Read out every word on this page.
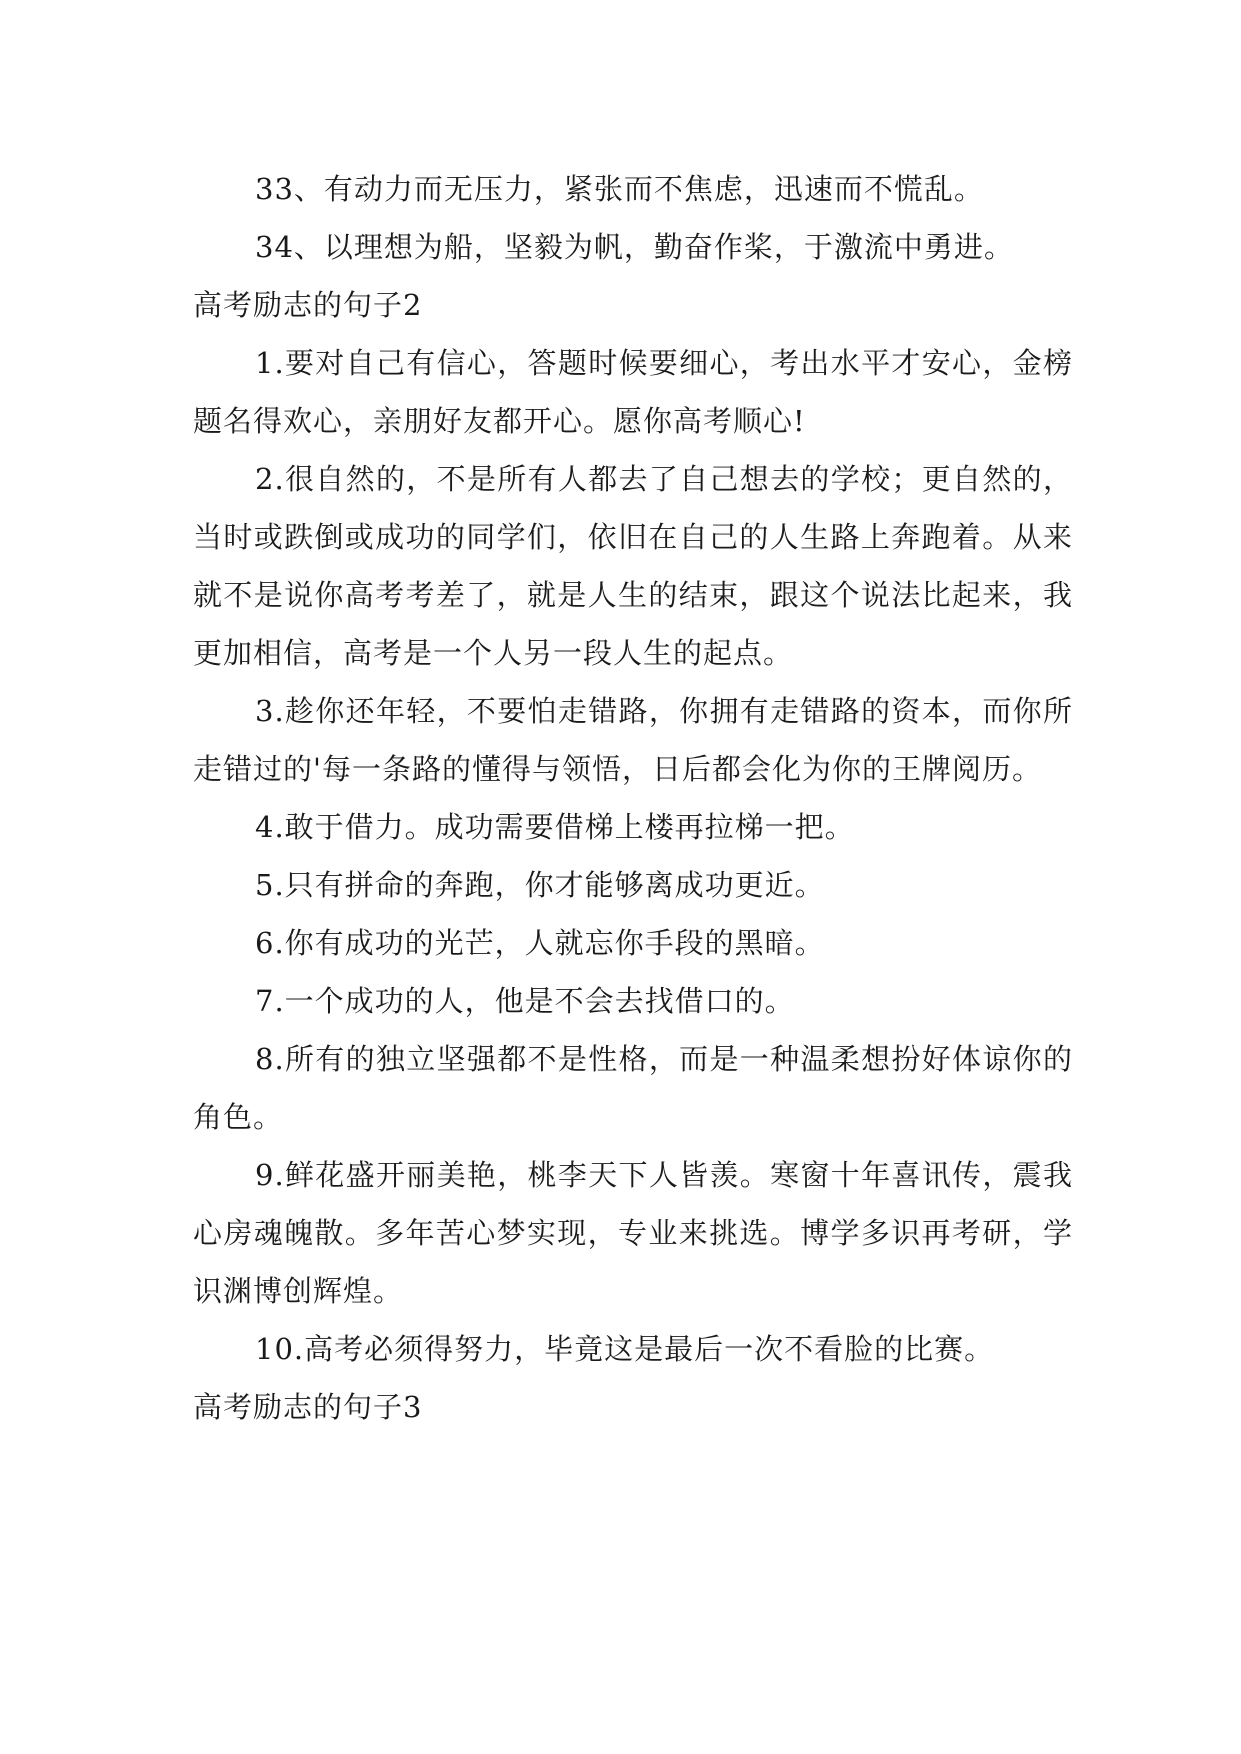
33、有动力而无压力，紧张而不焦虑，迅速而不慌乱。

34、以理想为船，坚毅为帆，勤奋作桨，于激流中勇进。

高考励志的句子2

1.要对自己有信心，答题时候要细心，考出水平才安心，金榜题名得欢心，亲朋好友都开心。愿你高考顺心!

2.很自然的，不是所有人都去了自己想去的学校；更自然的，当时或跌倒或成功的同学们，依旧在自己的人生路上奔跑着。从来就不是说你高考考差了，就是人生的结束，跟这个说法比起来，我更加相信，高考是一个人另一段人生的起点。

3.趁你还年轻，不要怕走错路，你拥有走错路的资本，而你所走错过的'每一条路的懂得与领悟，日后都会化为你的王牌阅历。

4.敢于借力。成功需要借梯上楼再拉梯一把。

5.只有拼命的奔跑，你才能够离成功更近。

6.你有成功的光芒，人就忘你手段的黑暗。

7.一个成功的人，他是不会去找借口的。

8.所有的独立坚强都不是性格，而是一种温柔想扮好体谅你的角色。

9.鲜花盛开丽美艳，桃李天下人皆羡。寒窗十年喜讯传，震我心房魂魄散。多年苦心梦实现，专业来挑选。博学多识再考研，学识渊博创辉煌。

10.高考必须得努力，毕竟这是最后一次不看脸的比赛。

高考励志的句子3
